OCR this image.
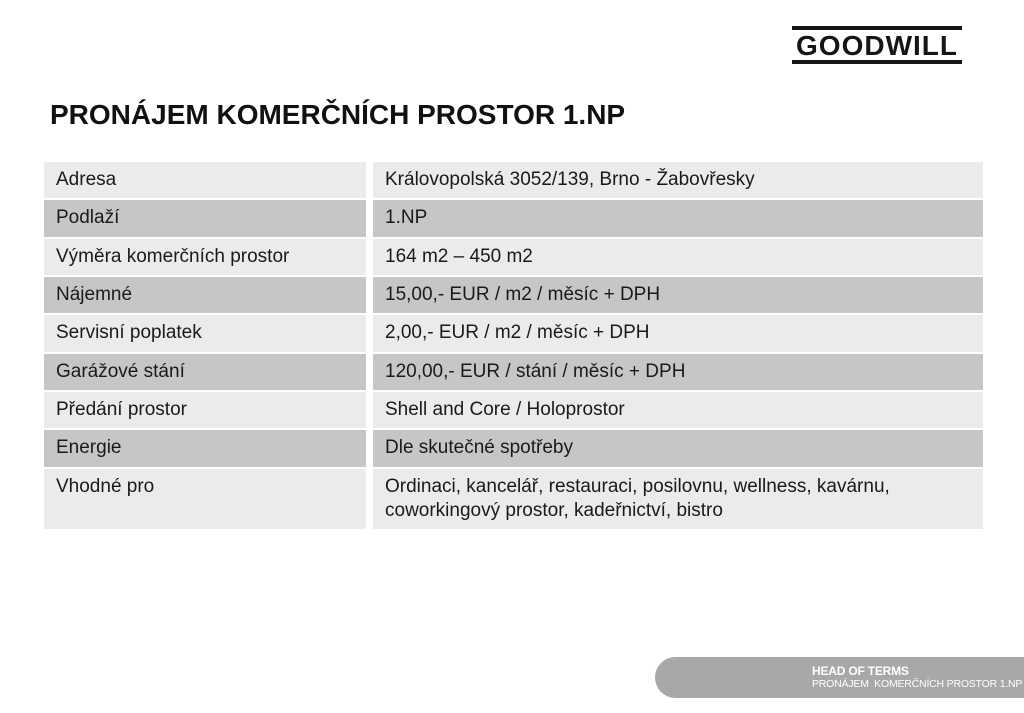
GOODWILL
PRONÁJEM KOMERČNÍCH PROSTOR 1.NP
Adresa	Královopolská 3052/139, Brno - Žabovřesky
Podlaží	1.NP
Výměra komerčních prostor	164 m2 – 450 m2
Nájemné	15,00,- EUR / m2 / měsíc + DPH
Servisní poplatek	2,00,- EUR / m2 / měsíc + DPH
Garážové stání	120,00,- EUR / stání / měsíc + DPH
Předání prostor	Shell and Core / Holoprostor
Energie	Dle skutečné spotřeby
Vhodné pro	Ordinaci, kancelář, restauraci, posilovnu, wellness, kavárnu, coworkingový prostor, kadeřnictví, bistro
HEAD OF TERMS
PRONÁJEM  KOMERČNÍCH PROSTOR 1.NP
